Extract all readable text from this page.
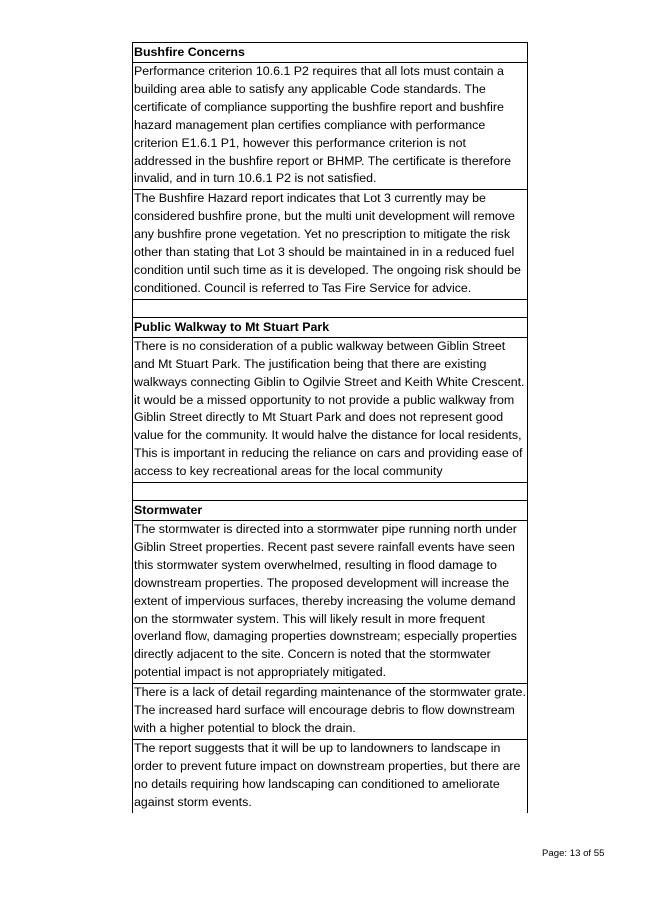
Bushfire Concerns
Performance criterion 10.6.1 P2 requires that all lots must contain a building area able to satisfy any applicable Code standards. The certificate of compliance supporting the bushfire report and bushfire hazard management plan certifies compliance with performance criterion E1.6.1 P1, however this performance criterion is not addressed in the bushfire report or BHMP. The certificate is therefore invalid, and in turn 10.6.1 P2 is not satisfied.
The Bushfire Hazard report indicates that Lot 3 currently may be considered bushfire prone, but the multi unit development will remove any bushfire prone vegetation. Yet no prescription to mitigate the risk other than stating that Lot 3 should be maintained in in a reduced fuel condition until such time as it is developed. The ongoing risk should be conditioned. Council is referred to Tas Fire Service for advice.

Public Walkway to Mt Stuart Park
There is no consideration of a public walkway between Giblin Street and Mt Stuart Park. The justification being that there are existing walkways connecting Giblin to Ogilvie Street and Keith White Crescent. it would be a missed opportunity to not provide a public walkway from Giblin Street directly to Mt Stuart Park and does not represent good value for the community. It would halve the distance for local residents, This is important in reducing the reliance on cars and providing ease of access to key recreational areas for the local community

Stormwater
The stormwater is directed into a stormwater pipe running north under Giblin Street properties. Recent past severe rainfall events have seen this stormwater system overwhelmed, resulting in flood damage to downstream properties. The proposed development will increase the extent of impervious surfaces, thereby increasing the volume demand on the stormwater system. This will likely result in more frequent overland flow, damaging properties downstream; especially properties directly adjacent to the site. Concern is noted that the stormwater potential impact is not appropriately mitigated.
There is a lack of detail regarding maintenance of the stormwater grate. The increased hard surface will encourage debris to flow downstream with a higher potential to block the drain.
The report suggests that it will be up to landowners to landscape in order to prevent future impact on downstream properties, but there are no details requiring how landscaping can conditioned to ameliorate against storm events.
Page: 13 of 55
